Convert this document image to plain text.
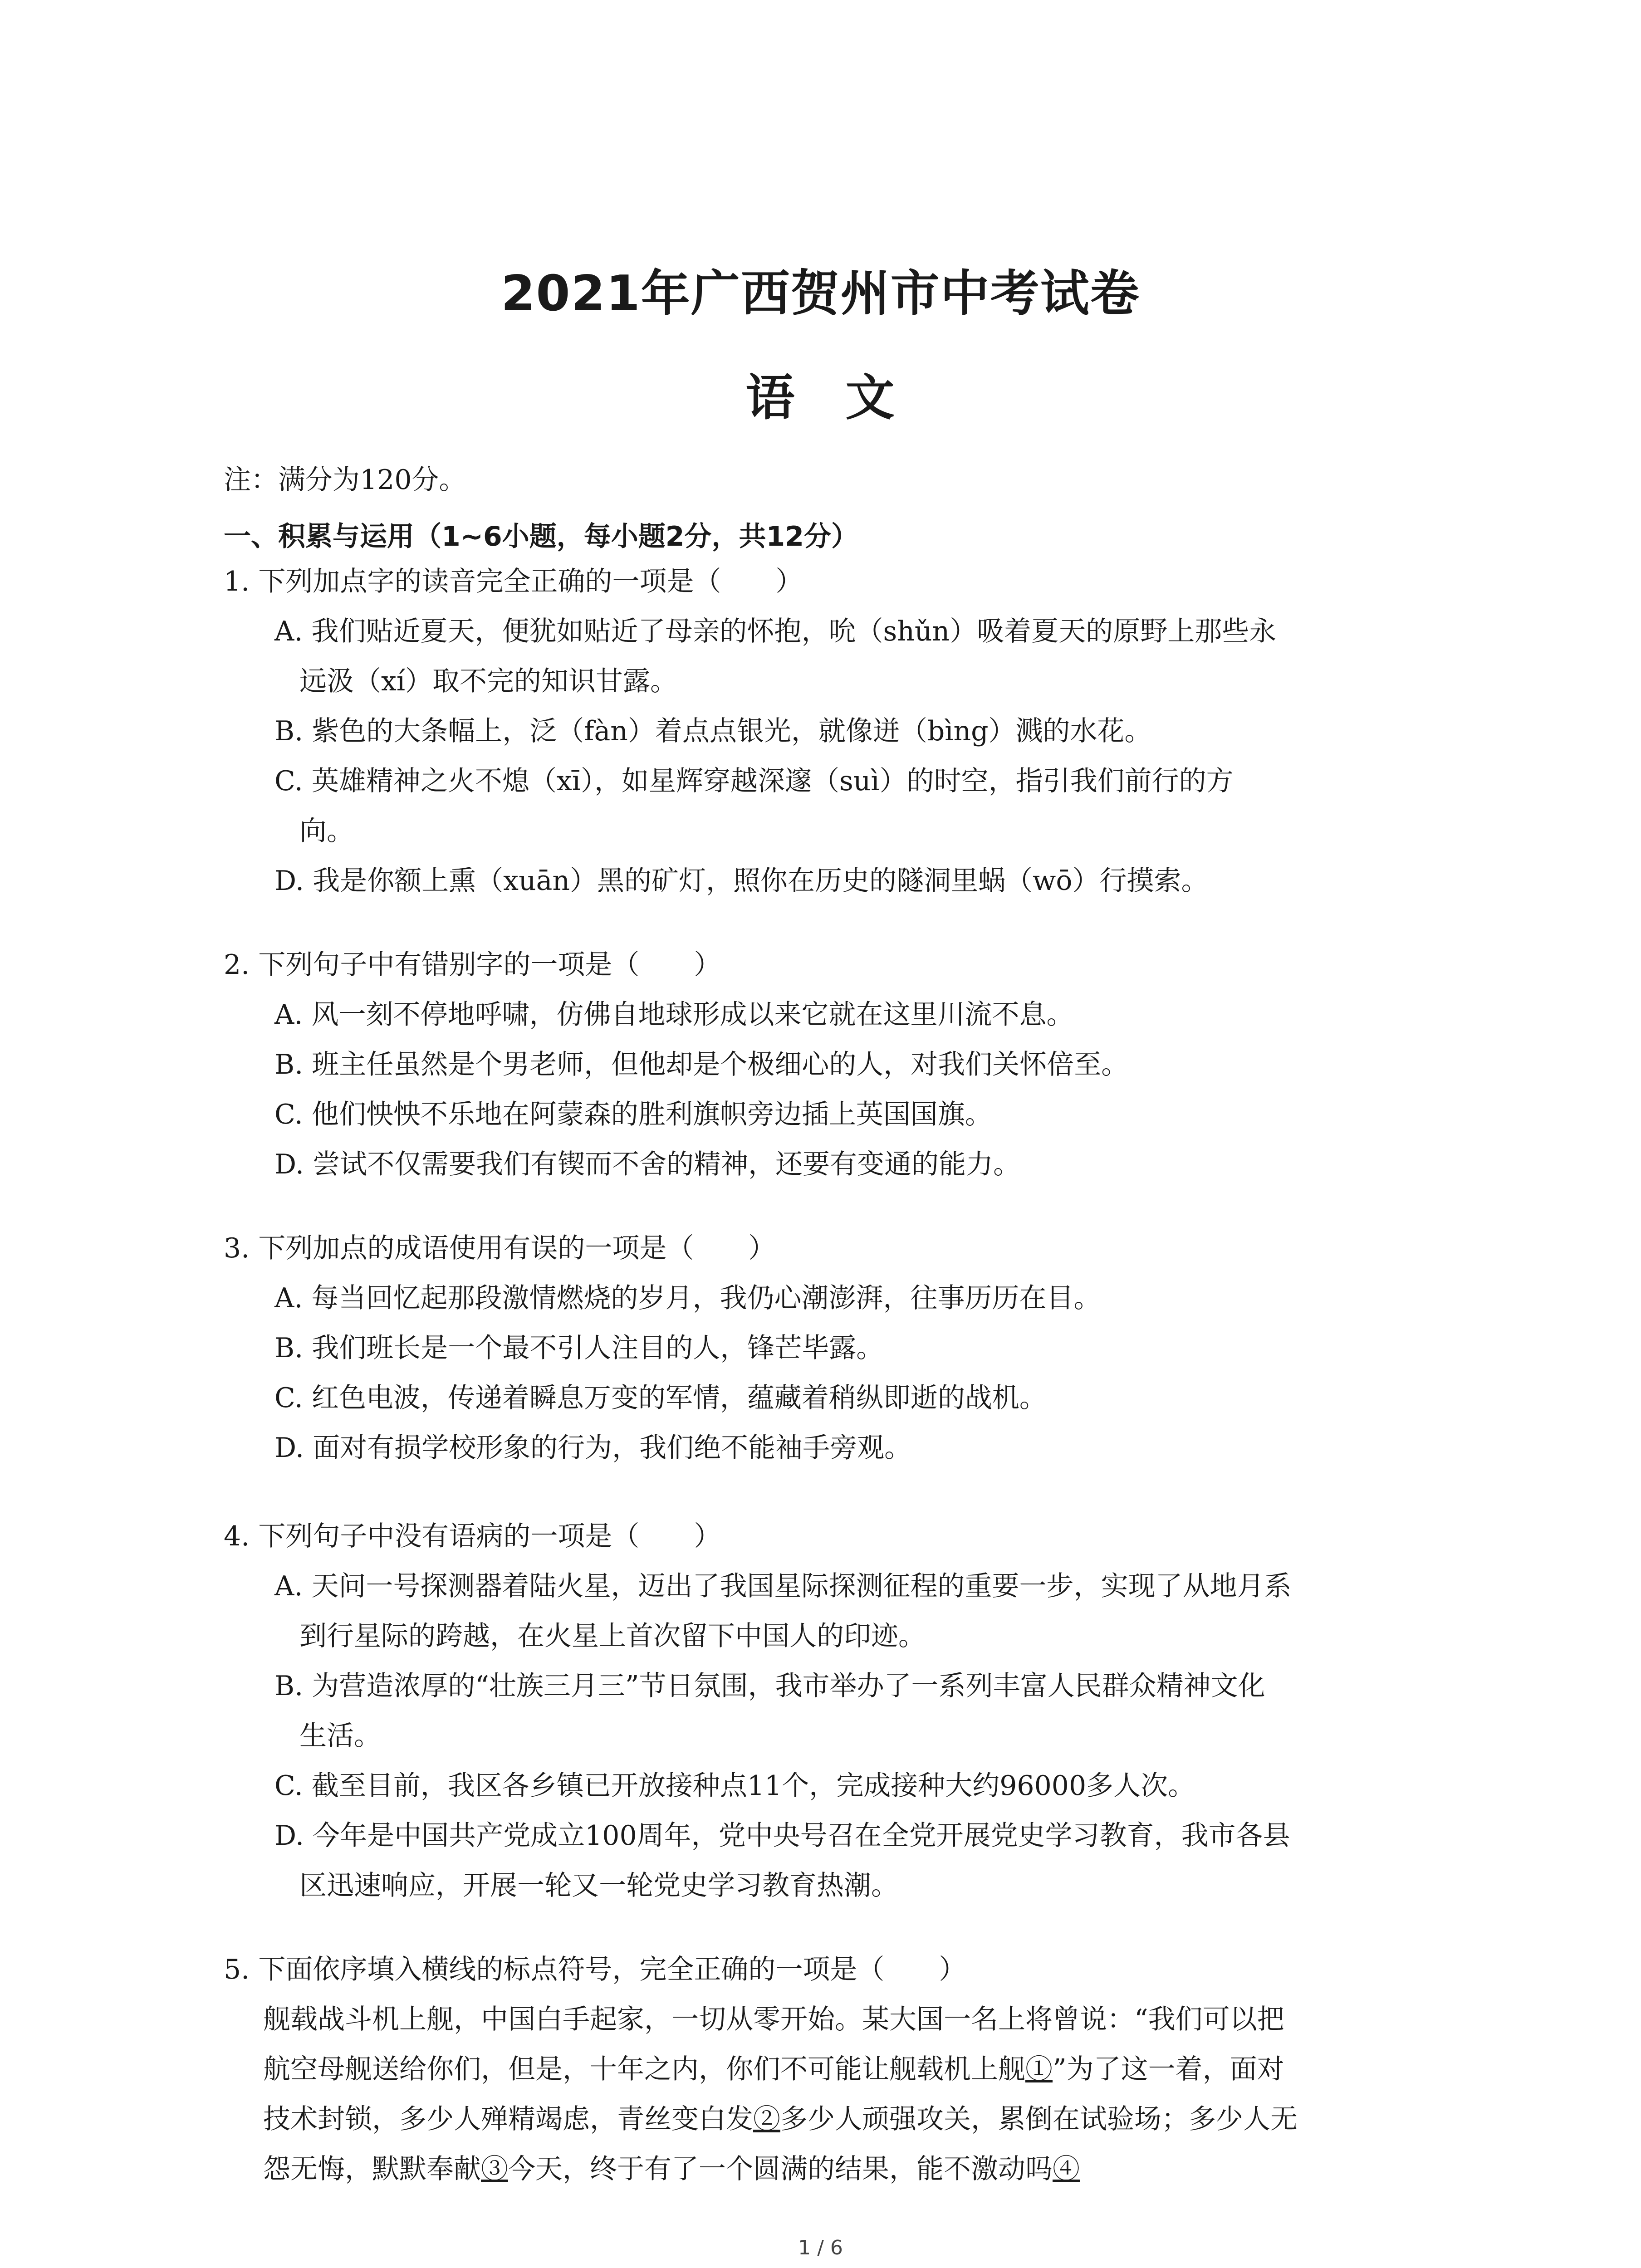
2021年广西贺州市中考试卷
语 文
注：满分为120分。
一、积累与运用（1~6小题，每小题2分，共12分）
1. 下列加点字的读音完全正确的一项是（　　）
A. 我们贴近夏天，便犹如贴近了母亲的怀抱，吮（shǔn）吸着夏天的原野上那些永
远汲（xí）取不完的知识甘露。
B. 紫色的大条幅上，泛（fàn）着点点银光，就像迸（bìng）溅的水花。
C. 英雄精神之火不熄（xī），如星辉穿越深邃（suì）的时空，指引我们前行的方
向。
D. 我是你额上熏（xuān）黑的矿灯，照你在历史的隧洞里蜗（wō）行摸索。
2. 下列句子中有错别字的一项是（　　）
A. 风一刻不停地呼啸，仿佛自地球形成以来它就在这里川流不息。
B. 班主任虽然是个男老师，但他却是个极细心的人，对我们关怀倍至。
C. 他们怏怏不乐地在阿蒙森的胜利旗帜旁边插上英国国旗。
D. 尝试不仅需要我们有锲而不舍的精神，还要有变通的能力。
3. 下列加点的成语使用有误的一项是（　　）
A. 每当回忆起那段激情燃烧的岁月，我仍心潮澎湃，往事历历在目。
B. 我们班长是一个最不引人注目的人，锋芒毕露。
C. 红色电波，传递着瞬息万变的军情，蕴藏着稍纵即逝的战机。
D. 面对有损学校形象的行为，我们绝不能袖手旁观。
4. 下列句子中没有语病的一项是（　　）
A. 天问一号探测器着陆火星，迈出了我国星际探测征程的重要一步，实现了从地月系
到行星际的跨越，在火星上首次留下中国人的印迹。
B. 为营造浓厚的“壮族三月三”节日氛围，我市举办了一系列丰富人民群众精神文化
生活。
C. 截至目前，我区各乡镇已开放接种点11个，完成接种大约96000多人次。
D. 今年是中国共产党成立100周年，党中央号召在全党开展党史学习教育，我市各县
区迅速响应，开展一轮又一轮党史学习教育热潮。
5. 下面依序填入横线的标点符号，完全正确的一项是（　　）
舰载战斗机上舰，中国白手起家，一切从零开始。某大国一名上将曾说：“我们可以把
航空母舰送给你们，但是，十年之内，你们不可能让舰载机上舰①”为了这一着，面对
技术封锁，多少人殚精竭虑，青丝变白发②多少人顽强攻关，累倒在试验场；多少人无
怨无悔，默默奉献③今天，终于有了一个圆满的结果，能不激动吗④
1 / 6
